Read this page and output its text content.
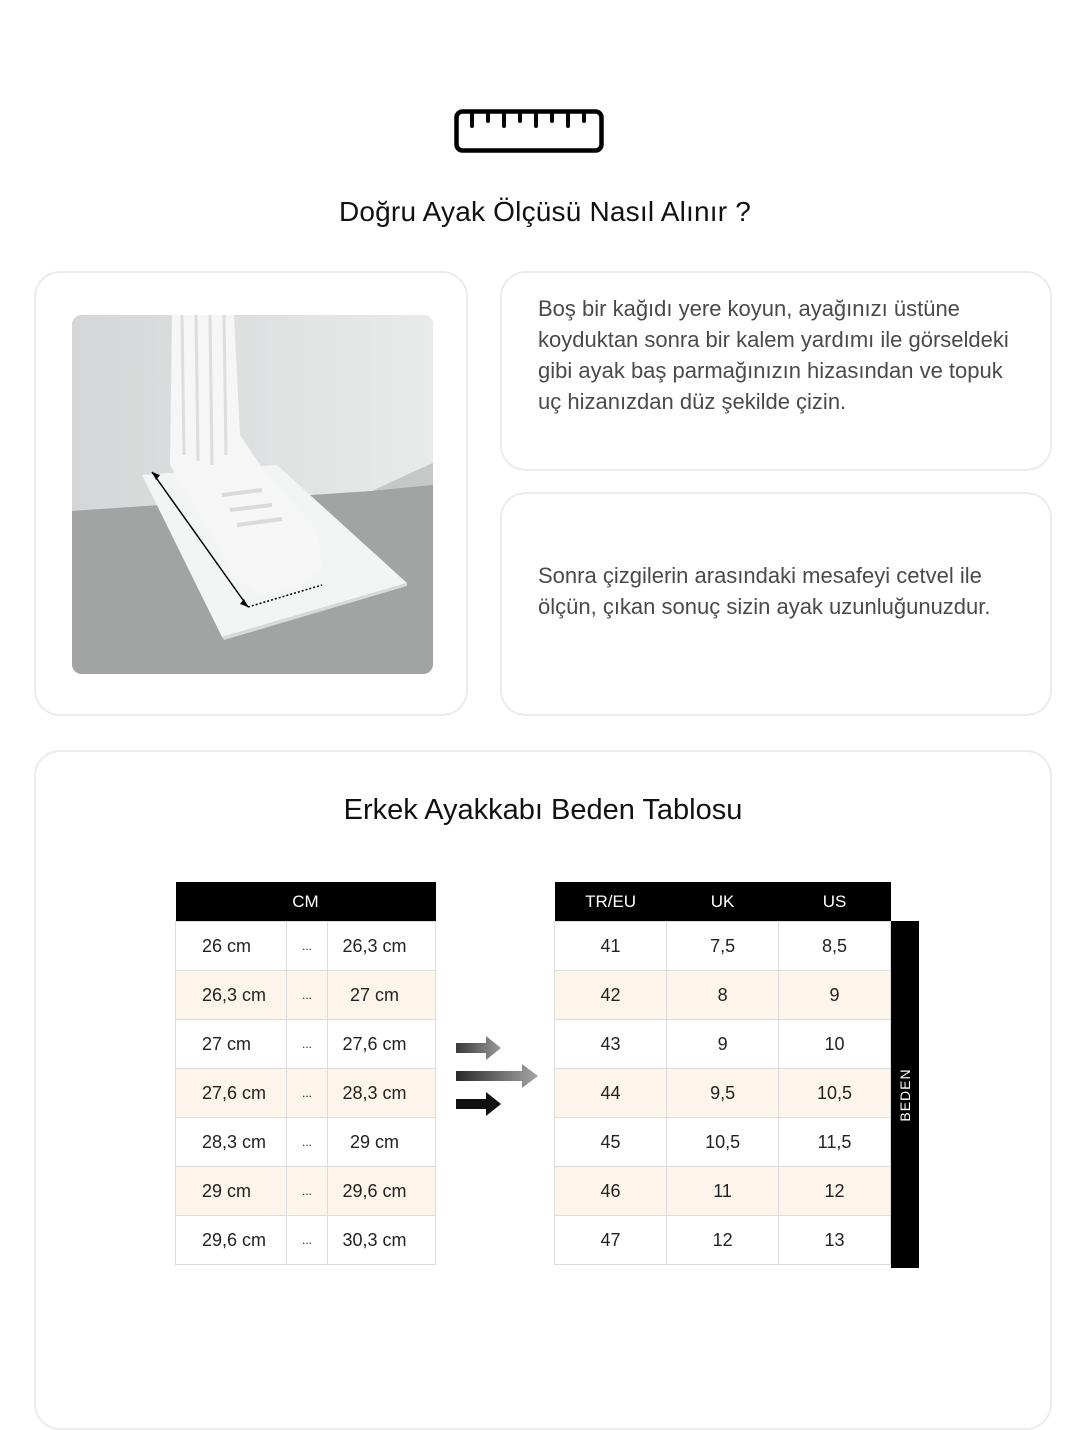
Doğru Ayak Ölçüsü Nasıl Alınır ?
Boş bir kağıdı yere koyun, ayağınızı üstüne koyduktan sonra bir kalem yardımı ile görseldeki gibi ayak baş parmağınızın hizasından ve topuk uç hizanızdan düz şekilde çizin.
Sonra çizgilerin arasındaki mesafeyi cetvel ile ölçün, çıkan sonuç sizin ayak uzunluğunuzdur.
Erkek Ayakkabı Beden Tablosu
CM		
26 cm	...	26,3 cm
26,3 cm	...	27 cm
27 cm	...	27,6 cm
27,6 cm	...	28,3 cm
28,3 cm	...	29 cm
29 cm	...	29,6 cm
29,6 cm	...	30,3 cm
TR/EU	UK	US
41	7,5	8,5
42	8	9
43	9	10
44	9,5	10,5
45	10,5	11,5
46	11	12
47	12	13
BEDEN
